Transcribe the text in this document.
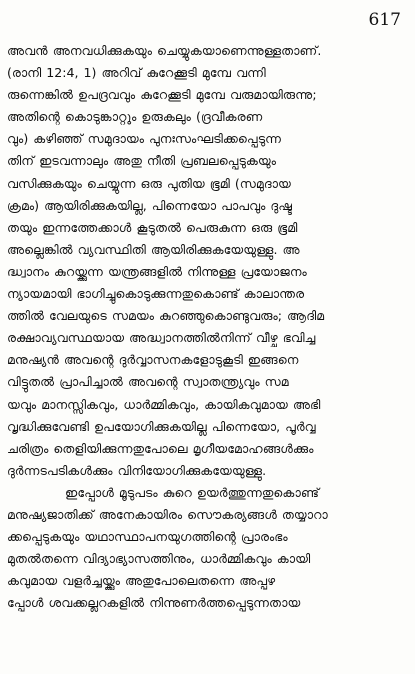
617
അവൻ അനവധിക്കുകയും ചെയ്യുകയാണെന്നുള്ളതാണ്.
(രാനി 12:4, 1) അറിവ് കുറേക്കൂടി മുമ്പേ വന്നി
രുന്നെങ്കിൽ ഉപദ്രവവും കുറേക്കൂടി മുമ്പേ വരുമായിരുന്നു;
അതിന്റെ കൊടുങ്കാറ്റും ഉരുകലും (ദ്രവീകരണ
വും) കഴിഞ്ഞ് സമുദായം പുനഃസംഘടിക്കപ്പെടുന്ന
തിന് ഇടവന്നാലും അതു നീതി പ്രബലപ്പെടുകയും
വസിക്കുകയും ചെയ്യുന്ന ഒരു പുതിയ ഭൂമി (സമുദായ
ക്രമം) ആയിരിക്കുകയില്ല, പിന്നെയോ പാപവും ദുഷ്ട
തയും ഇന്നത്തേക്കാൾ കൂടുതൽ പെരുകുന്ന ഒരു ഭൂമി
അല്ലെങ്കിൽ വ്യവസ്ഥിതി ആയിരിക്കുകയേയുള്ളു. അ
ദ്ധ്വാനം കുറയ്ക്കുന്ന യന്ത്രങ്ങളിൽ നിന്നുള്ള പ്രയോജനം
ന്യായമായി ഭാഗിച്ചുകൊടുക്കുന്നതുകൊണ്ട് കാലാന്തര
ത്തിൽ വേലയുടെ സമയം കുറഞ്ഞുകൊണ്ടുവരും; ആദിമ
രക്ഷാവ്യവസ്ഥയായ അദ്ധ്വാനത്തിൽനിന്ന് വീഴ്ച ഭവിച്ച
മനുഷ്യൻ അവന്റെ ദുർവ്വാസനകളോടുകൂടി ഇങ്ങനെ
വിട്ടുതൽ പ്രാപിച്ചാൽ അവന്റെ സ്വാതന്ത്ര്യവും സമ
യവും മാനസ്സികവും, ധാർമ്മികവും, കായികവുമായ അഭി
വൃദ്ധിക്കുവേണ്ടി ഉപയോഗിക്കുകയില്ല പിന്നെയോ, പൂർവ്വ
ചരിത്രം തെളിയിക്കുന്നതുപോലെ മൃഗീയമോഹങ്ങൾക്കും
ദുർന്നടപടികൾക്കും വിനിയോഗിക്കുകയേയുള്ളു.
ഇപ്പോൾ മൂടുപടം കുറെ ഉയർത്തുന്നതുകൊണ്ട്
മനുഷ്യജാതിക്ക് അനേകായിരം സൌകര്യങ്ങൾ തയ്യാറാ
ക്കപ്പെടുകയും യഥാസ്ഥാപനയുഗത്തിന്റെ പ്രാരംഭം
മുതൽതന്നെ വിദ്യാഭ്യാസത്തിനും, ധാർമ്മികവും കായി
കവുമായ വളർച്ചയ്ക്കും അതുപോലെതന്നെ അപ്പഴ
പ്പോൾ ശവക്കല്ലറകളിൽ നിന്നുണർത്തപ്പെടുന്നതായ
